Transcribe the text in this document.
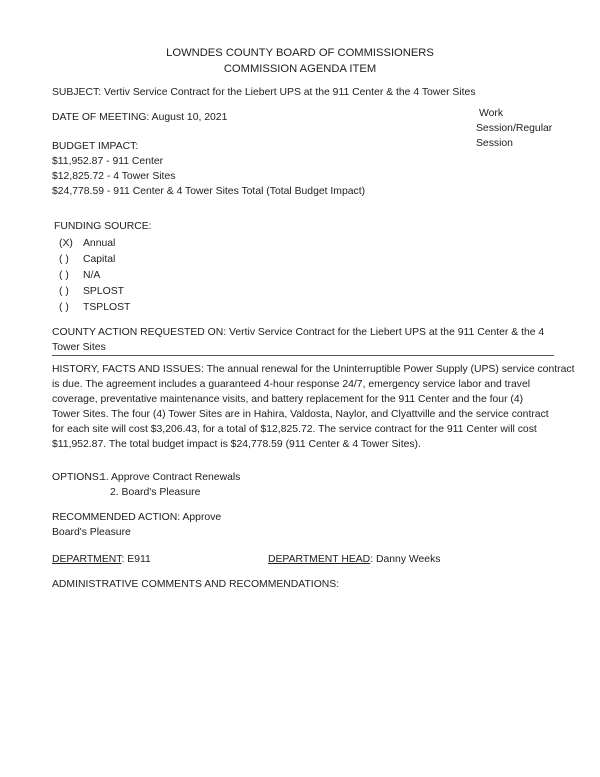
LOWNDES COUNTY BOARD OF COMMISSIONERS
COMMISSION AGENDA ITEM
SUBJECT: Vertiv Service Contract for the Liebert UPS at the 911 Center & the 4 Tower Sites
DATE OF MEETING: August 10, 2021	Work
Session/Regular
Session
BUDGET IMPACT:
$11,952.87 - 911 Center
$12,825.72 - 4 Tower Sites
$24,778.59 - 911 Center & 4 Tower Sites Total (Total Budget Impact)
FUNDING SOURCE:
(X) Annual
( )	Capital
( )	N/A
( )	SPLOST
( )	TSPLOST
COUNTY ACTION REQUESTED ON: Vertiv Service Contract for the Liebert UPS at the 911 Center & the 4
Tower Sites
HISTORY, FACTS AND ISSUES: The annual renewal for the Uninterruptible Power Supply (UPS) service contract
is due. The agreement includes a guaranteed 4-hour response 24/7, emergency service labor and travel
coverage, preventative maintenance visits, and battery replacement for the 911 Center and the four (4)
Tower Sites. The four (4) Tower Sites are in Hahira, Valdosta, Naylor, and Clyattville and the service contract
for each site will cost $3,206.43, for a total of $12,825.72. The service contract for the 911 Center will cost
$11,952.87. The total budget impact is $24,778.59 (911 Center & 4 Tower Sites).
OPTIONS:
1. Approve Contract Renewals
2. Board's Pleasure
RECOMMENDED ACTION: Approve
Board's Pleasure
DEPARTMENT: E911	DEPARTMENT HEAD: Danny Weeks
ADMINISTRATIVE COMMENTS AND RECOMMENDATIONS:
